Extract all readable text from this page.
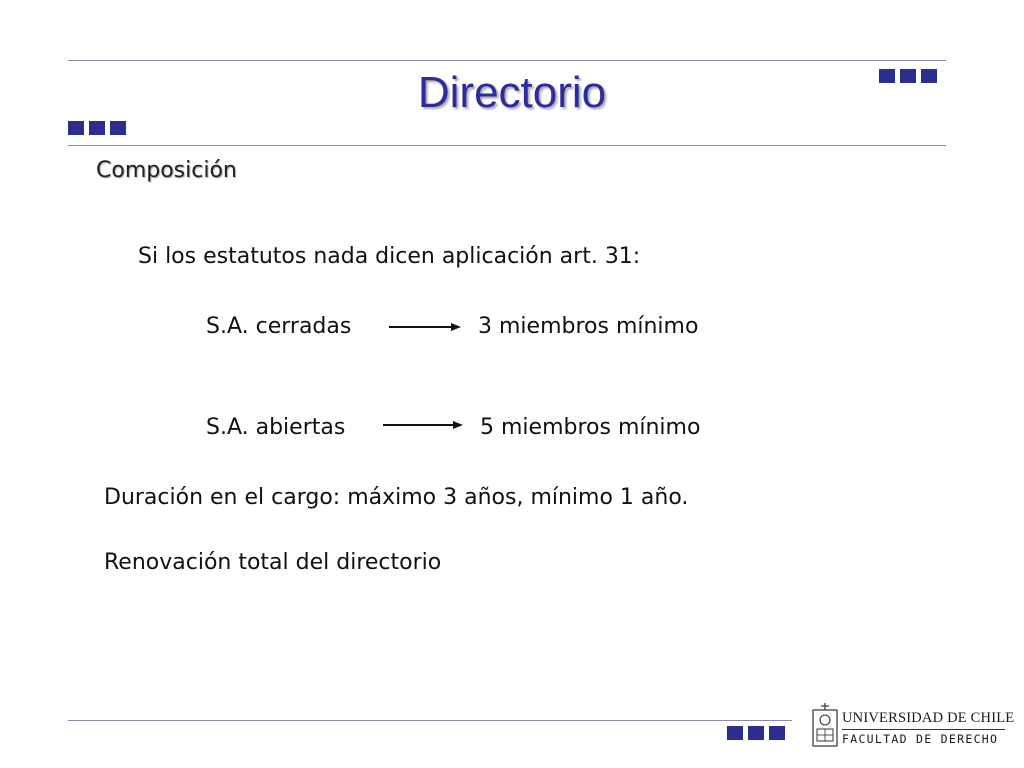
Directorio
Composición
Si los estatutos nada dicen aplicación art. 31:
S.A. cerradas	3 miembros mínimo
S.A. abiertas	5 miembros mínimo
Duración en el cargo: máximo 3 años, mínimo 1 año.
Renovación total del directorio
UNIVERSIDAD DE CHILE
FACULTAD DE DERECHO
